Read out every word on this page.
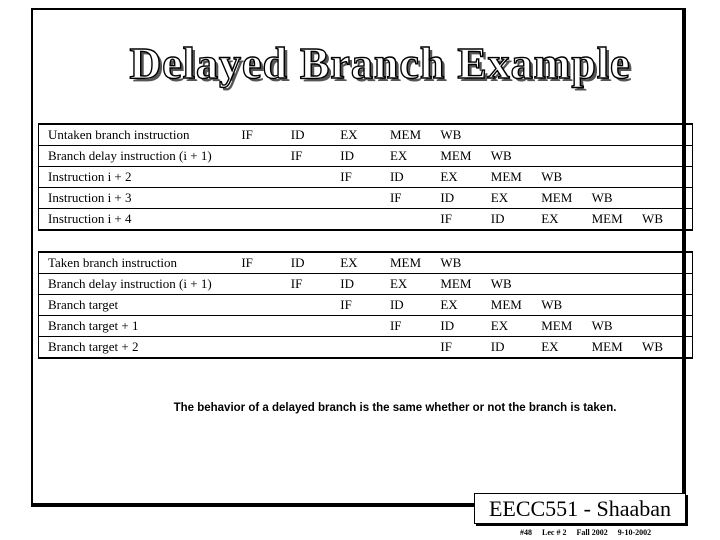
Delayed Branch Example
Untaken branch instruction	IF	ID	EX	MEM	WB				
Branch delay instruction (i + 1)		IF	ID	EX	MEM	WB			
Instruction i + 2			IF	ID	EX	MEM	WB		
Instruction i + 3				IF	ID	EX	MEM	WB	
Instruction i + 4					IF	ID	EX	MEM	WB
Taken branch instruction	IF	ID	EX	MEM	WB				
Branch delay instruction (i + 1)		IF	ID	EX	MEM	WB			
Branch target			IF	ID	EX	MEM	WB		
Branch target + 1				IF	ID	EX	MEM	WB	
Branch target + 2					IF	ID	EX	MEM	WB
The behavior of a delayed branch is the same whether or not the branch is taken.
EECC551 - Shaaban
#48 Lec # 2 Fall 2002 9-10-2002
